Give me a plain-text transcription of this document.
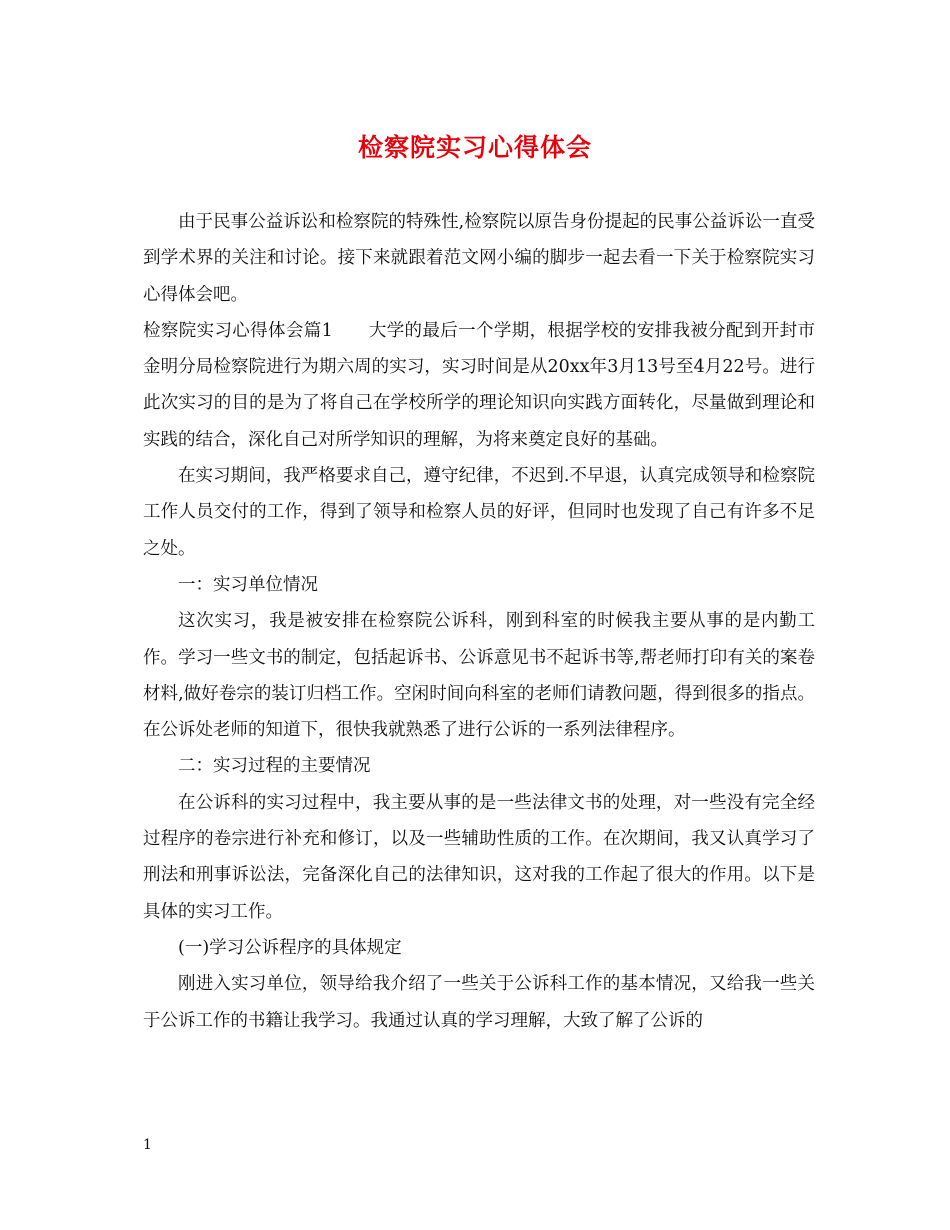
检察院实习心得体会

由于民事公益诉讼和检察院的特殊性,检察院以原告身份提起的民事公益诉讼一直受到学术界的关注和讨论。接下来就跟着范文网小编的脚步一起去看一下关于检察院实习心得体会吧。

检察院实习心得体会篇1　　大学的最后一个学期，根据学校的安排我被分配到开封市金明分局检察院进行为期六周的实习，实习时间是从20xx年3月13号至4月22号。进行此次实习的目的是为了将自己在学校所学的理论知识向实践方面转化，尽量做到理论和实践的结合，深化自己对所学知识的理解，为将来奠定良好的基础。

在实习期间，我严格要求自己，遵守纪律，不迟到.不早退，认真完成领导和检察院工作人员交付的工作，得到了领导和检察人员的好评，但同时也发现了自己有许多不足之处。

一：实习单位情况

这次实习，我是被安排在检察院公诉科，刚到科室的时候我主要从事的是内勤工作。学习一些文书的制定，包括起诉书、公诉意见书不起诉书等,帮老师打印有关的案卷材料,做好卷宗的装订归档工作。空闲时间向科室的老师们请教问题，得到很多的指点。在公诉处老师的知道下，很快我就熟悉了进行公诉的一系列法律程序。

二：实习过程的主要情况

在公诉科的实习过程中，我主要从事的是一些法律文书的处理，对一些没有完全经过程序的卷宗进行补充和修订，以及一些辅助性质的工作。在次期间，我又认真学习了刑法和刑事诉讼法，完备深化自己的法律知识，这对我的工作起了很大的作用。以下是具体的实习工作。

(一)学习公诉程序的具体规定

刚进入实习单位，领导给我介绍了一些关于公诉科工作的基本情况，又给我一些关于公诉工作的书籍让我学习。我通过认真的学习理解，大致了解了公诉的

1
